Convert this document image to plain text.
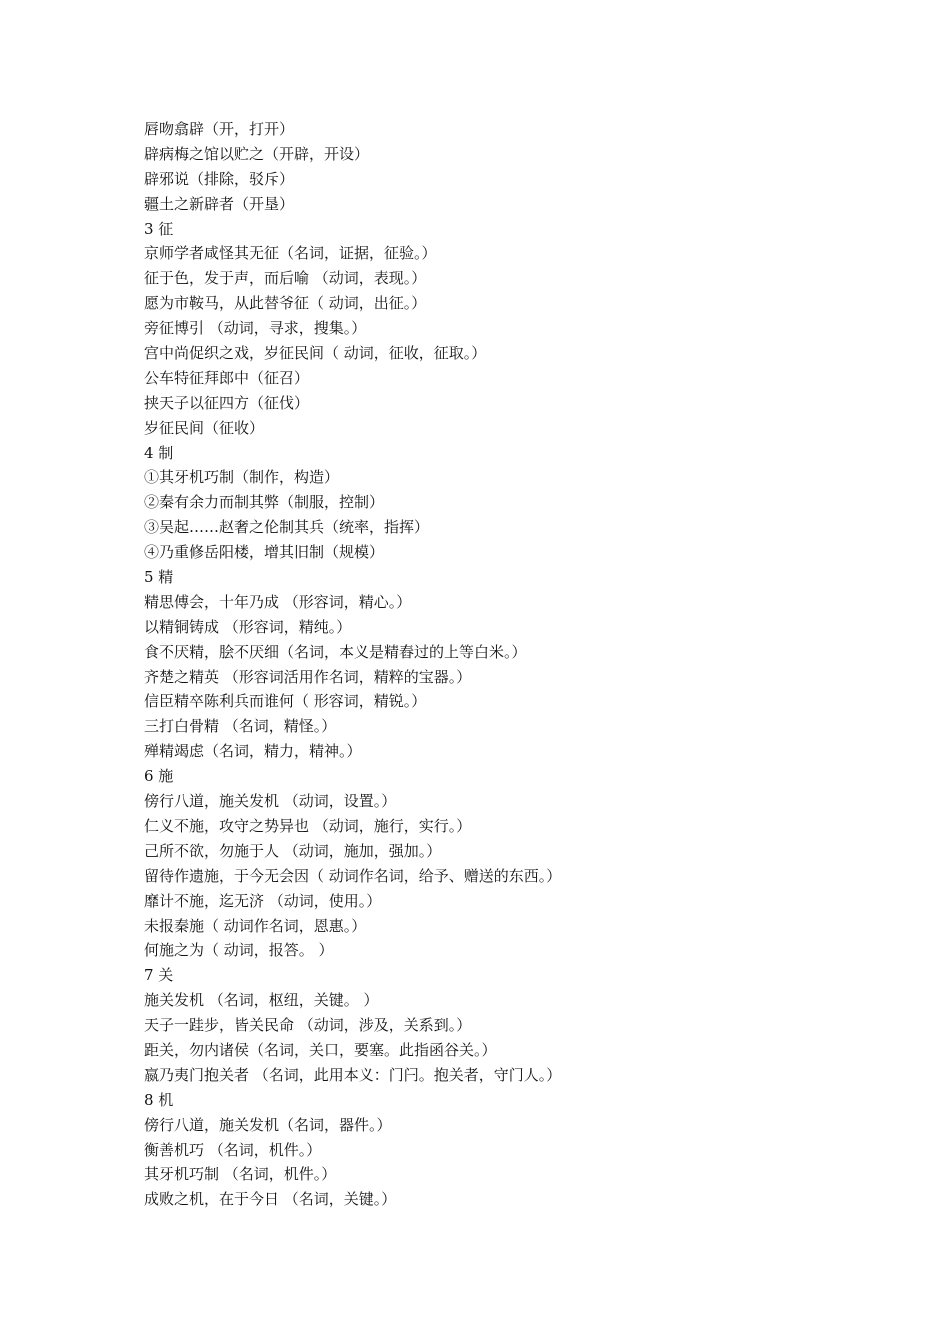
唇吻翕辟（开，打开）
辟病梅之馆以贮之（开辟，开设）
辟邪说（排除，驳斥）
疆土之新辟者（开垦）
3 征
京师学者咸怪其无征（名词，证据，征验。）
征于色，发于声，而后喻 （动词，表现。）
愿为市鞍马，从此替爷征（ 动词，出征。）
旁征博引 （动词，寻求，搜集。）
宫中尚促织之戏，岁征民间（ 动词，征收，征取。）
公车特征拜郎中（征召）
挟天子以征四方（征伐）
岁征民间（征收）
4 制
①其牙机巧制（制作，构造）
②秦有余力而制其弊（制服，控制）
③吴起……赵奢之伦制其兵（统率，指挥）
④乃重修岳阳楼，增其旧制（规模）
5 精
精思傅会，十年乃成 （形容词，精心。）
以精铜铸成 （形容词，精纯。）
食不厌精，脍不厌细（名词，本义是精舂过的上等白米。）
齐楚之精英 （形容词活用作名词，精粹的宝器。）
信臣精卒陈利兵而谁何（ 形容词，精锐。）
三打白骨精 （名词，精怪。）
殚精竭虑（名词，精力，精神。）
6 施
傍行八道，施关发机 （动词，设置。）
仁义不施，攻守之势异也 （动词，施行，实行。）
己所不欲，勿施于人 （动词，施加，强加。）
留待作遗施，于今无会因（ 动词作名词，给予、赠送的东西。）
靡计不施，迄无济 （动词，使用。）
未报秦施（ 动词作名词，恩惠。）
何施之为（ 动词，报答。 ）
7 关
施关发机 （名词，枢纽，关键。 ）
天子一跬步，皆关民命 （动词，涉及，关系到。）
距关，勿内诸侯（名词，关口，要塞。此指函谷关。）
嬴乃夷门抱关者 （名词，此用本义：门闩。抱关者，守门人。）
8 机
傍行八道，施关发机（名词，器件。）
衡善机巧 （名词，机件。）
其牙机巧制 （名词，机件。）
成败之机，在于今日 （名词，关键。）
